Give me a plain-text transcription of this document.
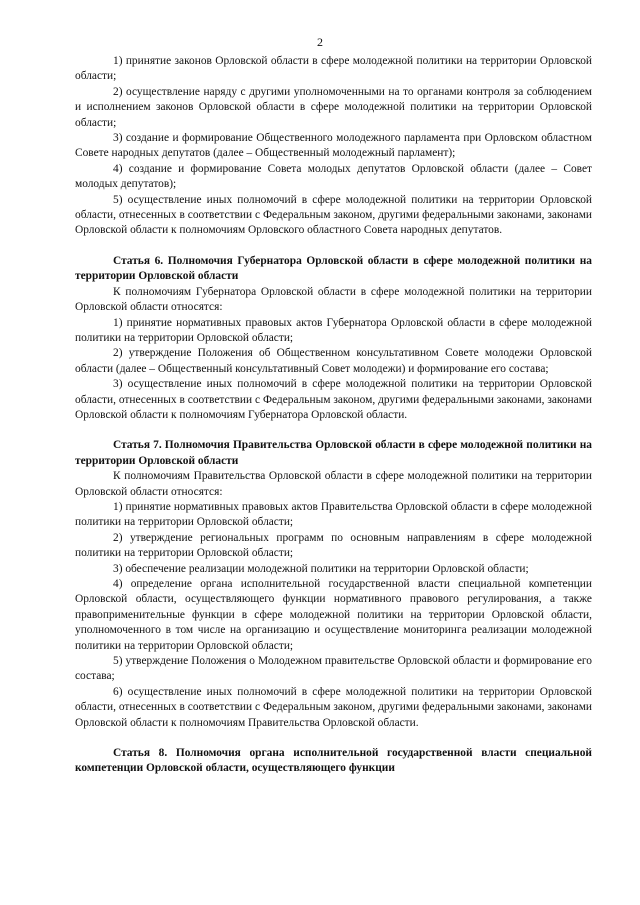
2

1) принятие законов Орловской области в сфере молодежной политики на территории Орловской области;

2) осуществление наряду с другими уполномоченными на то органами контроля за соблюдением и исполнением законов Орловской области в сфере молодежной политики на территории Орловской области;

3) создание и формирование Общественного молодежного парламента при Орловском областном Совете народных депутатов (далее – Общественный молодежный парламент);

4) создание и формирование Совета молодых депутатов Орловской области (далее – Совет молодых депутатов);

5) осуществление иных полномочий в сфере молодежной политики на территории Орловской области, отнесенных в соответствии с Федеральным законом, другими федеральными законами, законами Орловской области к полномочиям Орловского областного Совета народных депутатов.

Статья 6. Полномочия Губернатора Орловской области в сфере молодежной политики на территории Орловской области

К полномочиям Губернатора Орловской области в сфере молодежной политики на территории Орловской области относятся:

1) принятие нормативных правовых актов Губернатора Орловской области в сфере молодежной политики на территории Орловской области;

2) утверждение Положения об Общественном консультативном Совете молодежи Орловской области (далее – Общественный консультативный Совет молодежи) и формирование его состава;

3) осуществление иных полномочий в сфере молодежной политики на территории Орловской области, отнесенных в соответствии с Федеральным законом, другими федеральными законами, законами Орловской области к полномочиям Губернатора Орловской области.

Статья 7. Полномочия Правительства Орловской области в сфере молодежной политики на территории Орловской области

К полномочиям Правительства Орловской области в сфере молодежной политики на территории Орловской области относятся:

1) принятие нормативных правовых актов Правительства Орловской области в сфере молодежной политики на территории Орловской области;

2) утверждение региональных программ по основным направлениям в сфере молодежной политики на территории Орловской области;

3) обеспечение реализации молодежной политики на территории Орловской области;

4) определение органа исполнительной государственной власти специальной компетенции Орловской области, осуществляющего функции нормативного правового регулирования, а также правоприменительные функции в сфере молодежной политики на территории Орловской области, уполномоченного в том числе на организацию и осуществление мониторинга реализации молодежной политики на территории Орловской области;

5) утверждение Положения о Молодежном правительстве Орловской области и формирование его состава;

6) осуществление иных полномочий в сфере молодежной политики на территории Орловской области, отнесенных в соответствии с Федеральным законом, другими федеральными законами, законами Орловской области к полномочиям Правительства Орловской области.

Статья 8. Полномочия органа исполнительной государственной власти специальной компетенции Орловской области, осуществляющего функции
